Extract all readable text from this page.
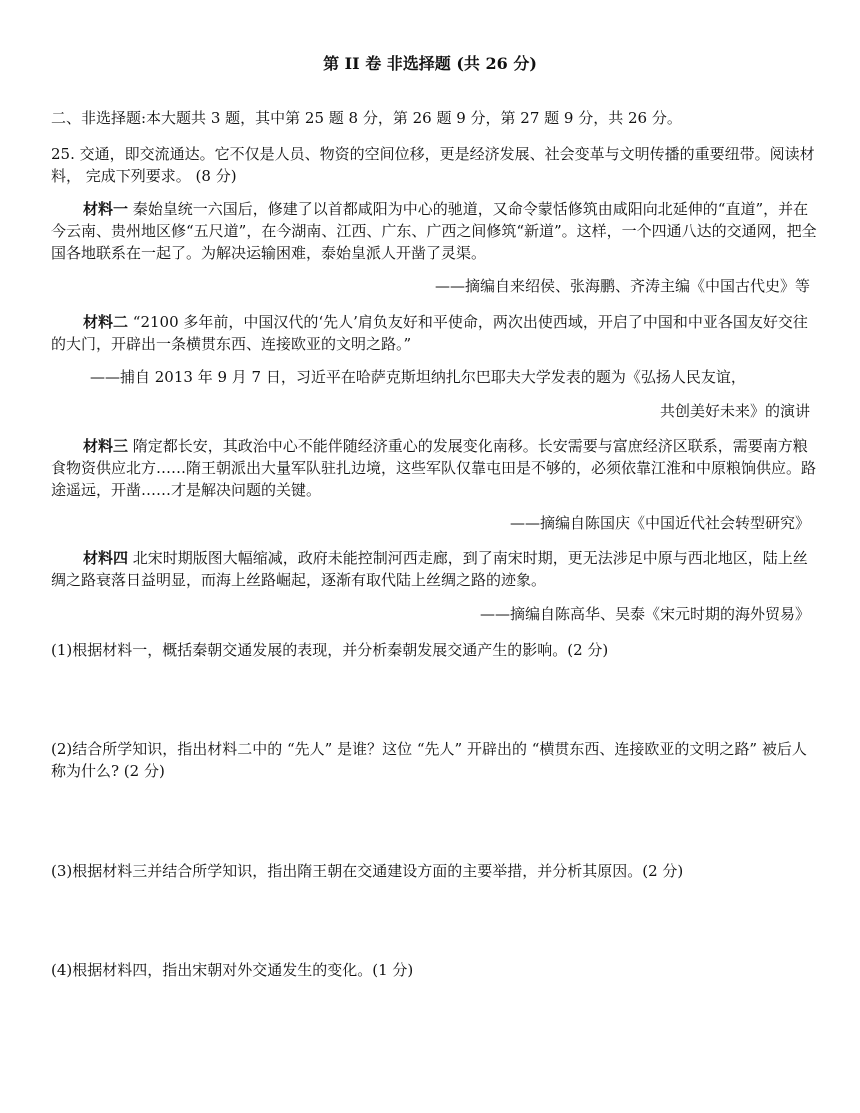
第 II 卷 非选择题 (共 26 分)
二、非选择题:本大题共 3 题，其中第 25 题 8 分，第 26 题 9 分，第 27 题 9 分，共 26 分。
25. 交通，即交流通达。它不仅是人员、物资的空间位移，更是经济发展、社会变革与文明传播的重要纽带。阅读材料， 完成下列要求。 (8 分)
材料一 秦始皇统一六国后，修建了以首都咸阳为中心的驰道，又命令蒙恬修筑由咸阳向北延伸的“直道”，并在今云南、贵州地区修“五尺道”，在今湖南、江西、广东、广西之间修筑“新道”。这样，一个四通八达的交通网，把全国各地联系在一起了。为解决运输困难，泰始皇派人开凿了灵渠。
——摘编自来绍侯、张海鹏、齐涛主编《中国古代史》等
材料二 “2100 多年前，中国汉代的‘先人’肩负友好和平使命，两次出使西域，开启了中国和中亚各国友好交往的大门，开辟出一条横贯东西、连接欧亚的文明之路。”
——捕自 2013 年 9 月 7 日，习近平在哈萨克斯坦纳扎尔巴耶夫大学发表的题为《弘扬人民友谊，
共创美好未来》的演讲
材料三 隋定都长安，其政治中心不能伴随经济重心的发展变化南移。长安需要与富庶经济区联系，需要南方粮食物资供应北方……隋王朝派出大量军队驻扎边境，这些军队仅靠屯田是不够的，必须依靠江淮和中原粮饷供应。路途遥远，开凿……才是解决问题的关键。
——摘编自陈国庆《中国近代社会转型研究》
材料四 北宋时期版图大幅缩减，政府未能控制河西走廊，到了南宋时期，更无法涉足中原与西北地区，陆上丝绸之路衰落日益明显，而海上丝路崛起，逐渐有取代陆上丝绸之路的迹象。
——摘编自陈高华、吴泰《宋元时期的海外贸易》
(1)根据材料一，概括秦朝交通发展的表现，并分析秦朝发展交通产生的影响。(2 分)
(2)结合所学知识，指出材料二中的 “先人” 是谁？这位 “先人” 开辟出的 “横贯东西、连接欧亚的文明之路” 被后人称为什么? (2 分)
(3)根据材料三并结合所学知识，指出隋王朝在交通建设方面的主要举措，并分析其原因。(2 分)
(4)根据材料四，指出宋朝对外交通发生的变化。(1 分)
